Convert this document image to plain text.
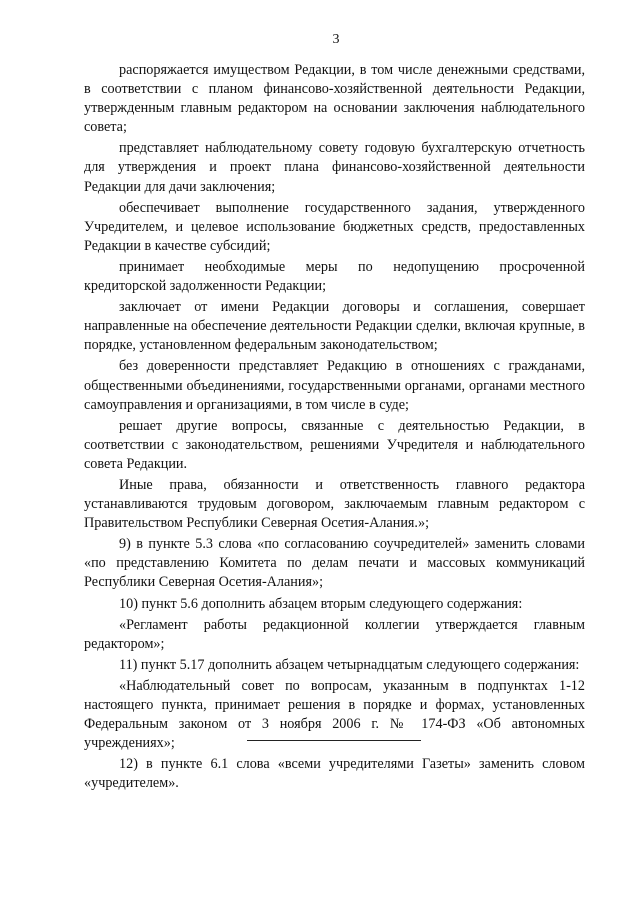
3

распоряжается имуществом Редакции, в том числе денежными средствами, в соответствии с планом финансово-хозяйственной деятельности Редакции, утвержденным главным редактором на основании заключения наблюдательного совета;

представляет наблюдательному совету годовую бухгалтерскую отчетность для утверждения и проект плана финансово-хозяйственной деятельности Редакции для дачи заключения;

обеспечивает выполнение государственного задания, утвержденного Учредителем, и целевое использование бюджетных средств, предоставленных Редакции в качестве субсидий;

принимает необходимые меры по недопущению просроченной кредиторской задолженности Редакции;

заключает от имени Редакции договоры и соглашения, совершает направленные на обеспечение деятельности Редакции сделки, включая крупные, в порядке, установленном федеральным законодательством;

без доверенности представляет Редакцию в отношениях с гражданами, общественными объединениями, государственными органами, органами местного самоуправления и организациями, в том числе в суде;

решает другие вопросы, связанные с деятельностью Редакции, в соответствии с законодательством, решениями Учредителя и наблюдательного совета Редакции.

Иные права, обязанности и ответственность главного редактора устанавливаются трудовым договором, заключаемым главным редактором с Правительством Республики Северная Осетия-Алания.»;

9) в пункте 5.3 слова «по согласованию соучредителей» заменить словами «по представлению Комитета по делам печати и массовых коммуникаций Республики Северная Осетия-Алания»;

10) пункт 5.6 дополнить абзацем вторым следующего содержания:

«Регламент работы редакционной коллегии утверждается главным редактором»;

11) пункт 5.17 дополнить абзацем четырнадцатым следующего содержания:

«Наблюдательный совет по вопросам, указанным в подпунктах 1-12 настоящего пункта, принимает решения в порядке и формах, установленных Федеральным законом от 3 ноября 2006 г. № 174-ФЗ «Об автономных учреждениях»;

12) в пункте 6.1 слова «всеми учредителями Газеты» заменить словом «учредителем».
